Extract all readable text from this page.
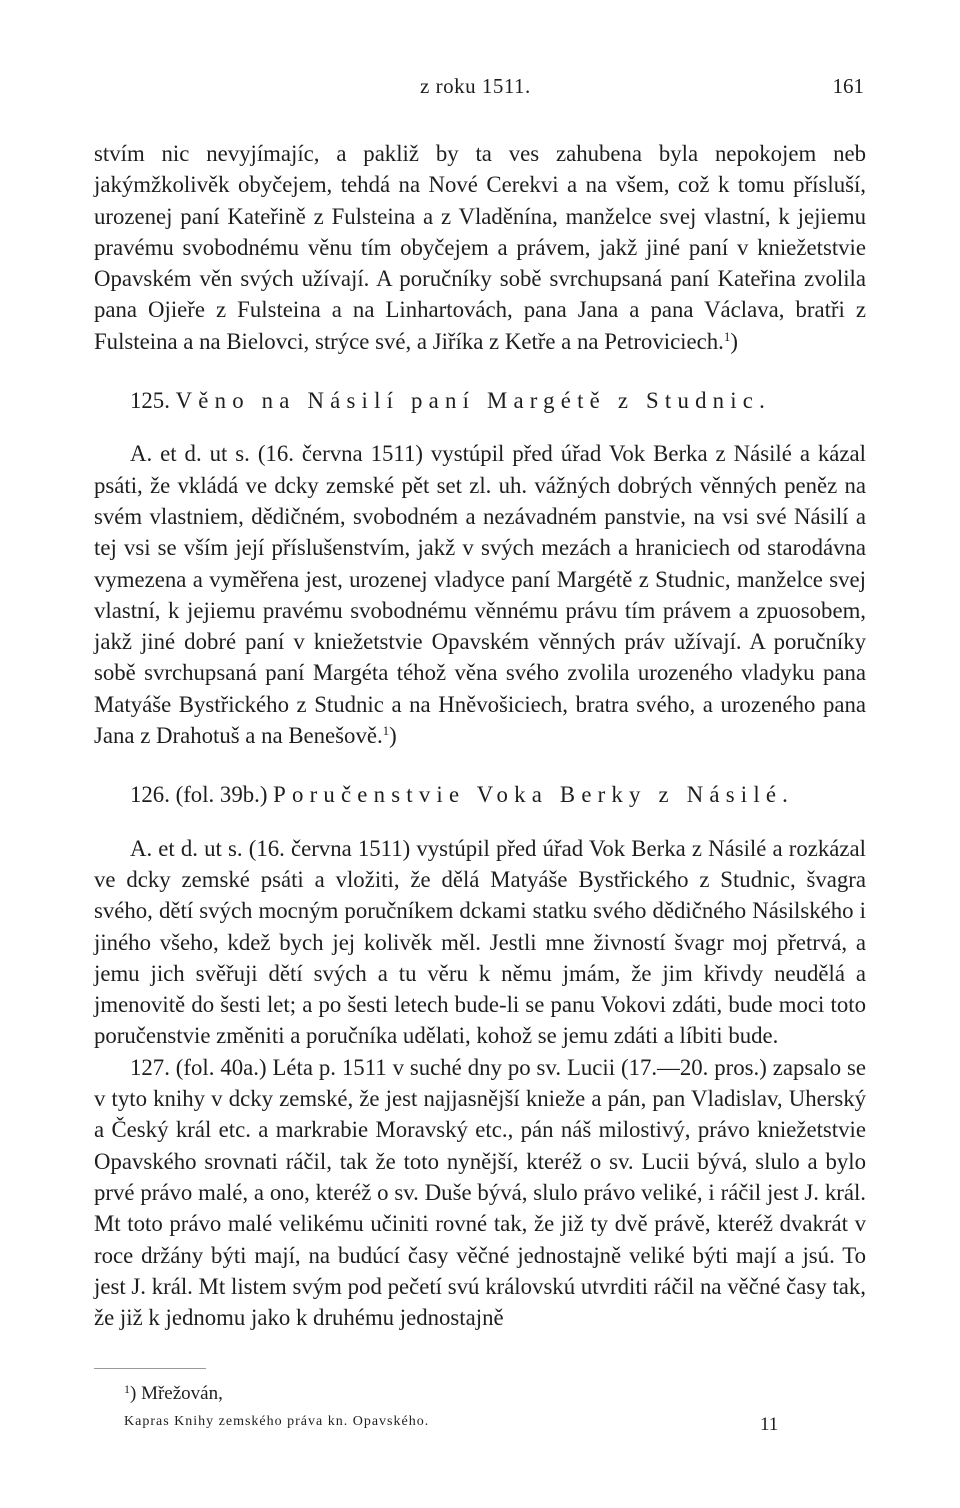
z roku 1511.	161

stvím nic nevyjímajíc, a pakliž by ta ves zahubena byla nepokojem neb jakýmžkolivěk obyčejem, tehdá na Nové Cerekvi a na všem, což k tomu přísluší, urozenej paní Kateřině z Fulsteina a z Vladěnína, manželce svej vlastní, k jejiemu pravému svobodnému věnu tím obyčejem a právem, jakž jiné paní v kniežetstvie Opavském věn svých užívají. A poručníky sobě svrchupsaná paní Kateřina zvolila pana Ojieře z Fulsteina a na Linhartovách, pana Jana a pana Václava, bratři z Fulsteina a na Bielovci, strýce své, a Jiříka z Ketře a na Petroviciech.$^1$)

125. Věno na Násilí paní Margétě z Studnic.

A. et d. ut s. (16. června 1511) vystúpil před úřad Vok Berka z Násilé a kázal psáti, že vkládá ve dcky zemské pět set zl. uh. vážných dobrých věnných peněz na svém vlastniem, dědičném, svobodném a nezávadném panstvie, na vsi své Násilí a tej vsi se vším její příslušenstvím, jakž v svých mezách a hraniciech od starodávna vymezena a vyměřena jest, urozenej vladyce paní Margétě z Studnic, manželce svej vlastní, k jejiemu pravému svobodnému věnnému právu tím právem a zpuosobem, jakž jiné dobré paní v kniežetstvie Opavském věnných práv užívají. A poručníky sobě svrchupsaná paní Margéta téhož věna svého zvolila urozeného vladyku pana Matyáše Bystřického z Studnic a na Hněvošiciech, bratra svého, a urozeného pana Jana z Drahotuš a na Benešově.$^1$)

126. (fol. 39b.) Poručenstvie Voka Berky z Násilé.

A. et d. ut s. (16. června 1511) vystúpil před úřad Vok Berka z Násilé a rozkázal ve dcky zemské psáti a vložiti, že dělá Matyáše Bystřického z Studnic, švagra svého, dětí svých mocným poručníkem dckami statku svého dědičného Násilského i jiného všeho, kdež bych jej kolivěk měl. Jestli mne živností švagr moj přetrvá, a jemu jich svěřuji dětí svých a tu věru k němu jmám, že jim křivdy neudělá a jmenovitě do šesti let; a po šesti letech bude-li se panu Vokovi zdáti, bude moci toto poručenstvie změniti a poručníka udělati, kohož se jemu zdáti a líbiti bude.

127. (fol. 40a.) Léta p. 1511 v suché dny po sv. Lucii (17.—20. pros.) zapsalo se v tyto knihy v dcky zemské, že jest najjasnější knieže a pán, pan Vladislav, Uherský a Český král etc. a markrabie Moravský etc., pán náš milostivý, právo kniežetstvie Opavského srovnati ráčil, tak že toto nynější, kteréž o sv. Lucii bývá, slulo a bylo prvé právo malé, a ono, kteréž o sv. Duše bývá, slulo právo veliké, i ráčil jest J. král. Mt toto právo malé velikému učiniti rovné tak, že již ty dvě právě, kteréž dvakrát v roce držány býti mají, na budúcí časy věčné jednostajně veliké býti mají a jsú. To jest J. král. Mt listem svým pod pečetí svú královskú utvrditi ráčil na věčné časy tak, že již k jednomu jako k druhému jednostajně

$^1$) Mřežován,
Kapras Knihy zemského práva kn. Opavského.	11
